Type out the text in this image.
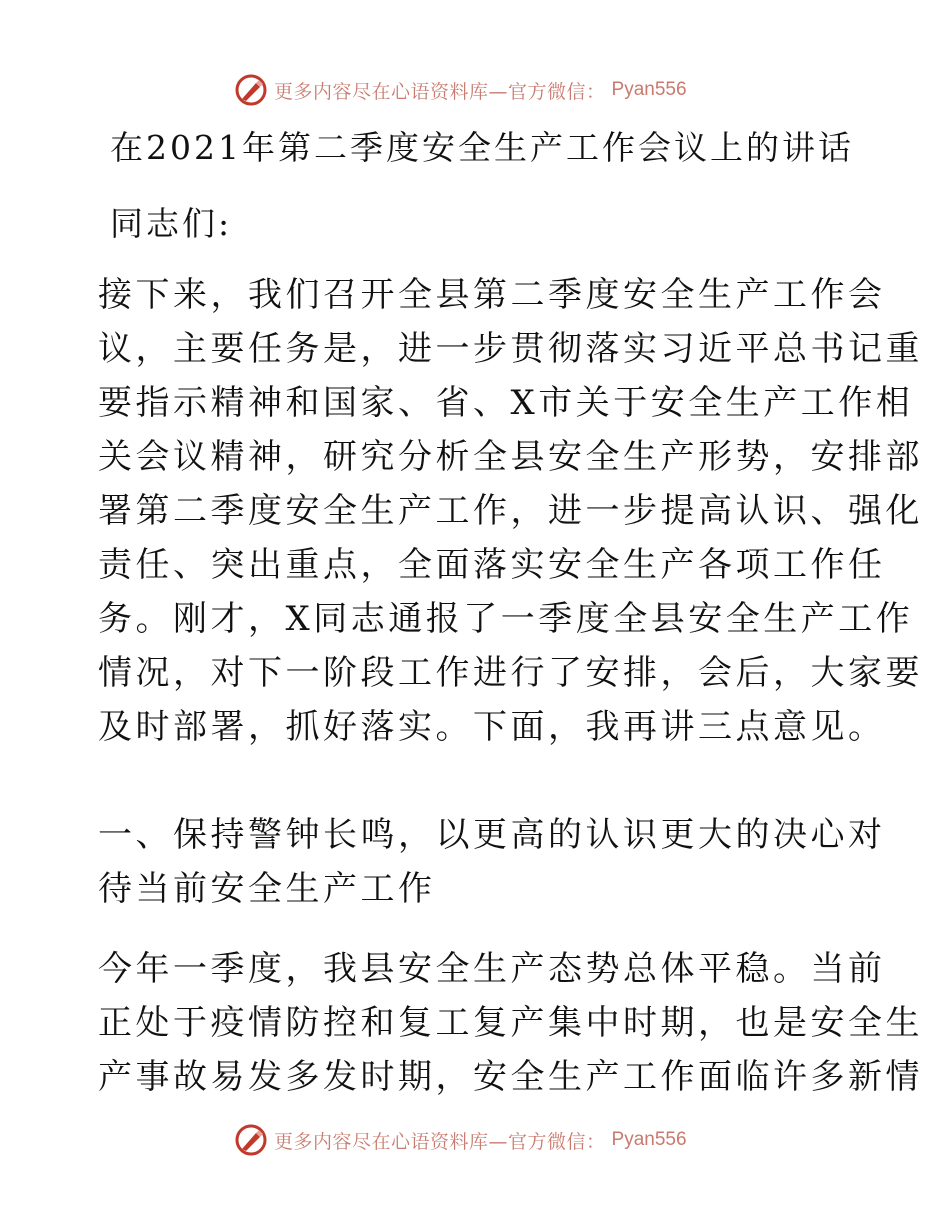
更多内容尽在心语资料库—官方微信： Pyan556
在2021年第二季度安全生产工作会议上的讲话
同志们:
接下来，我们召开全县第二季度安全生产工作会
议，主要任务是，进一步贯彻落实习近平总书记重
要指示精神和国家、省、X市关于安全生产工作相
关会议精神，研究分析全县安全生产形势，安排部
署第二季度安全生产工作，进一步提高认识、强化
责任、突出重点，全面落实安全生产各项工作任
务。刚才，X同志通报了一季度全县安全生产工作
情况，对下一阶段工作进行了安排，会后，大家要
及时部署，抓好落实。下面，我再讲三点意见。
一、保持警钟长鸣，以更高的认识更大的决心对
待当前安全生产工作
今年一季度，我县安全生产态势总体平稳。当前
正处于疫情防控和复工复产集中时期，也是安全生
产事故易发多发时期，安全生产工作面临许多新情
更多内容尽在心语资料库—官方微信： Pyan556
